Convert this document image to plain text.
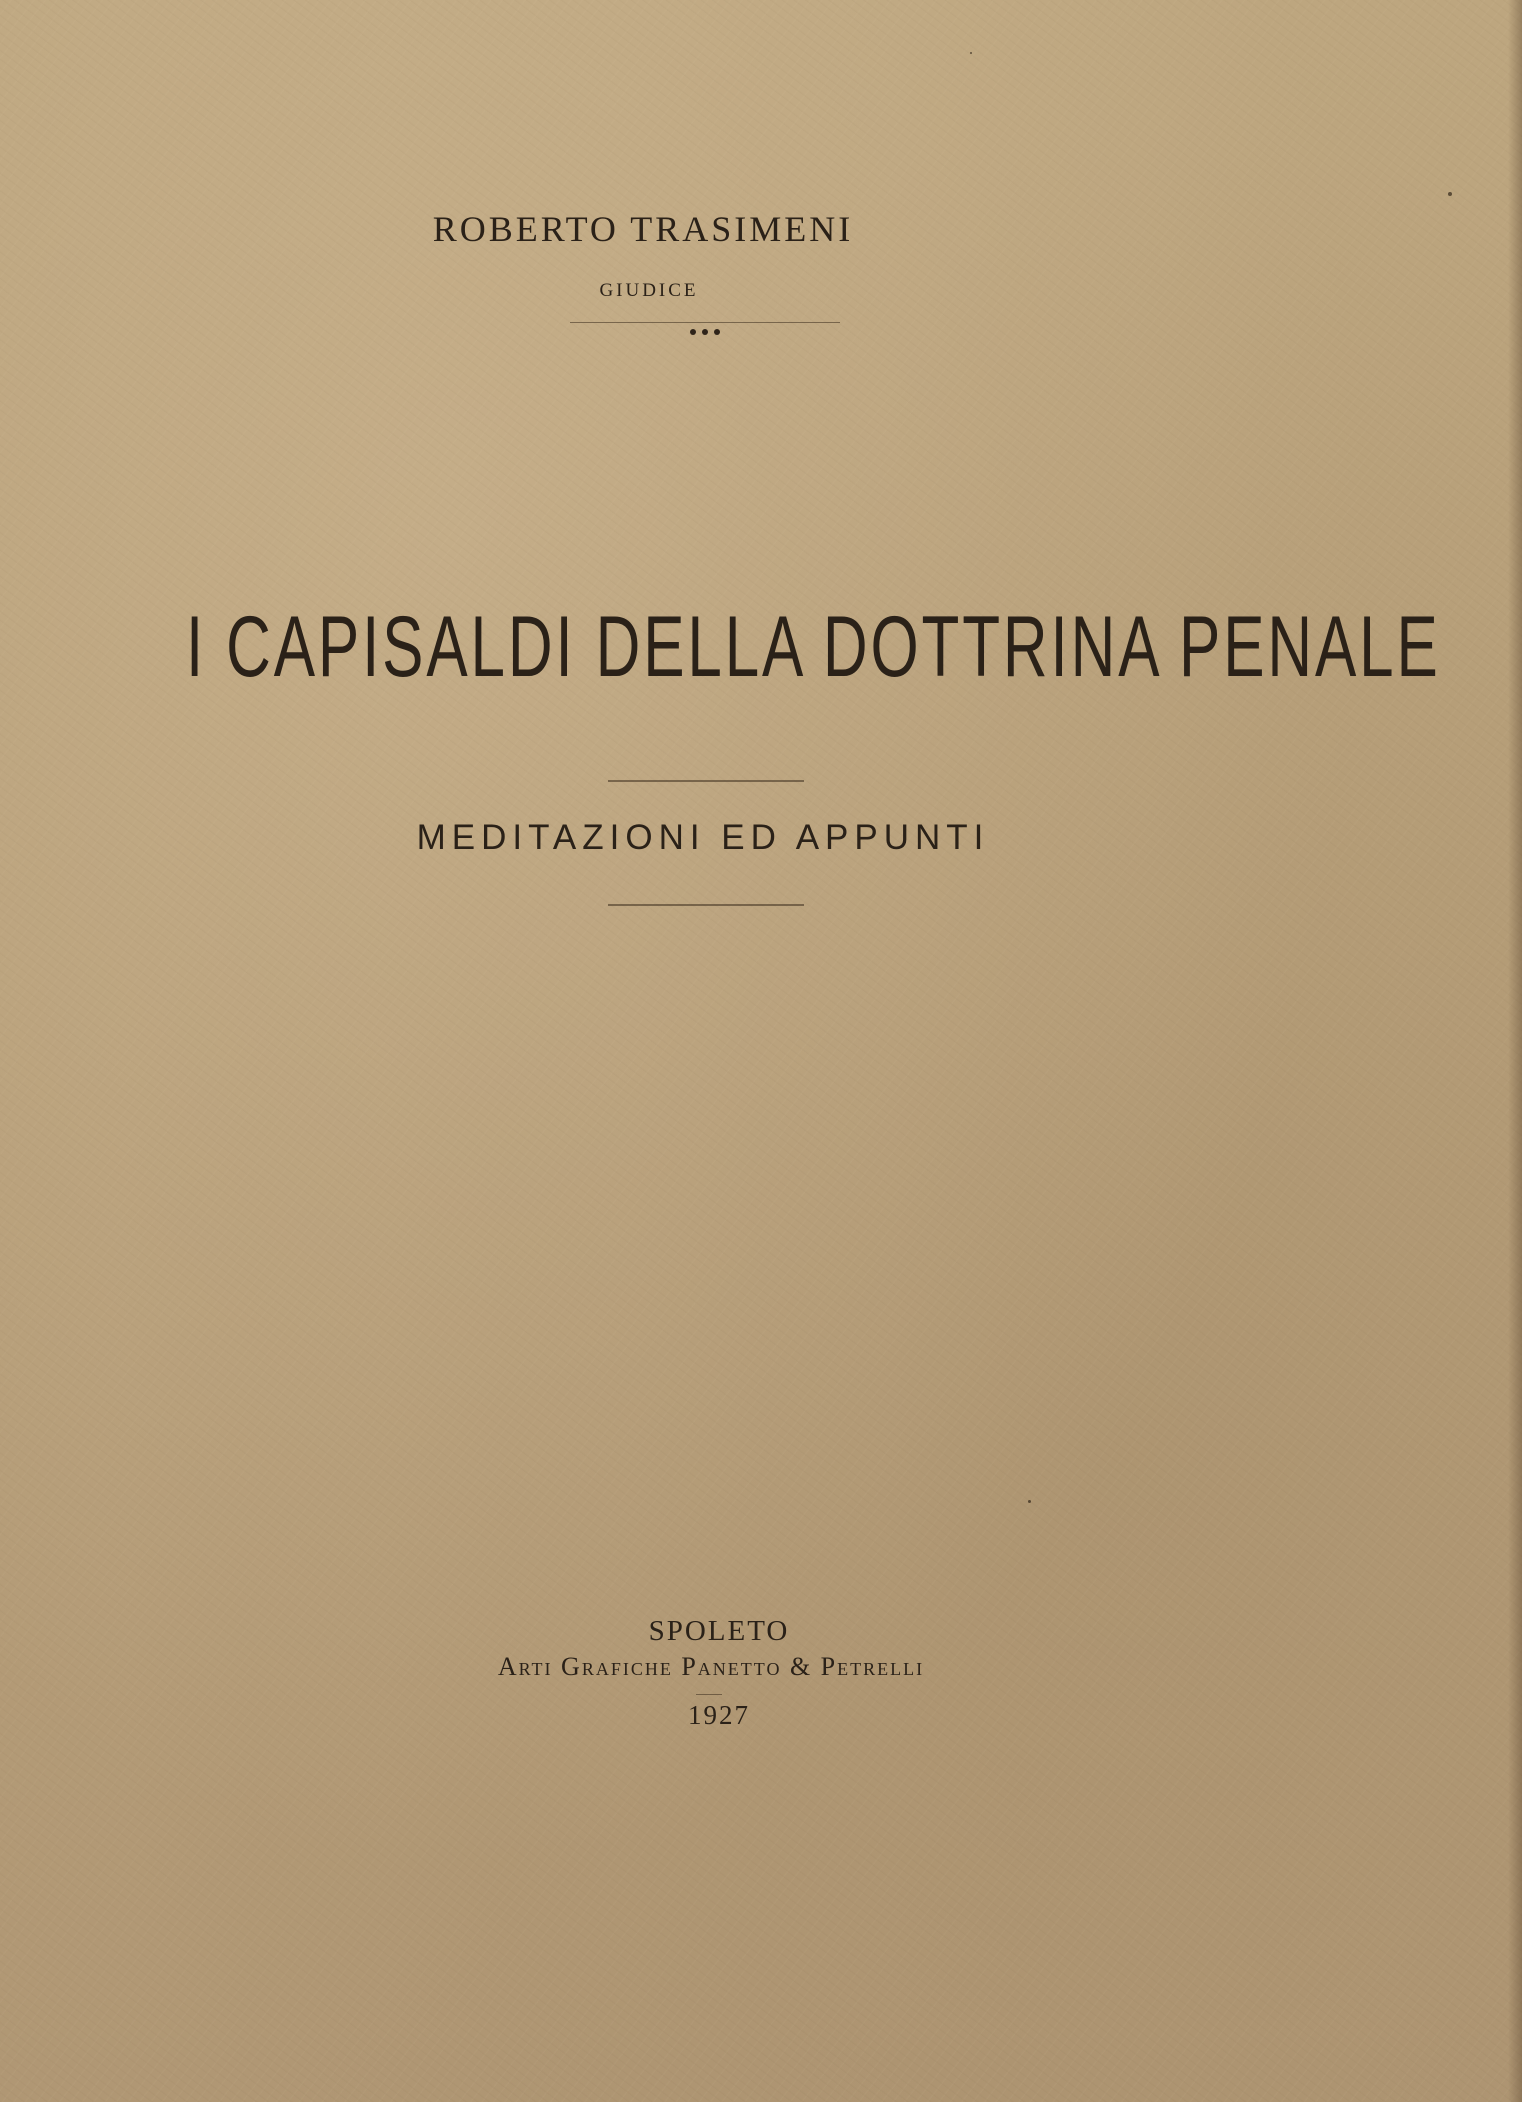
ROBERTO TRASIMENI
GIUDICE
I CAPISALDI DELLA DOTTRINA PENALE
MEDITAZIONI ED APPUNTI
SPOLETO
Arti Grafiche Panetto & Petrelli
1927
